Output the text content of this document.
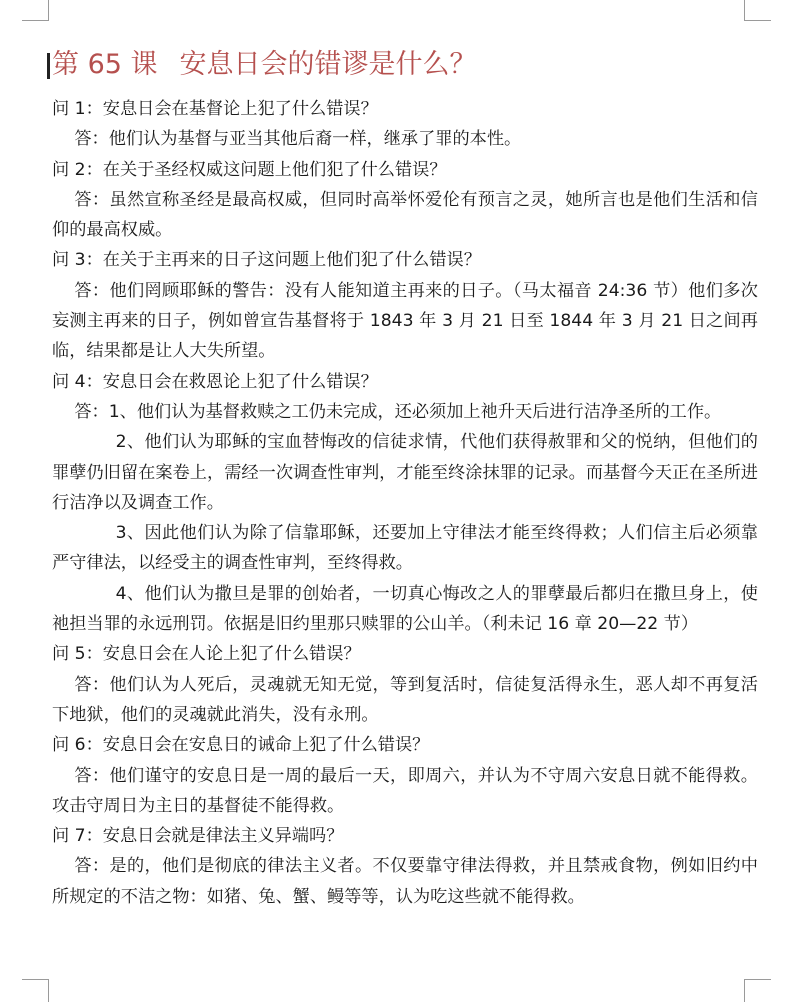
第 65 课 安息日会的错谬是什么？

问 1：安息日会在基督论上犯了什么错误？

答：他们认为基督与亚当其他后裔一样，继承了罪的本性。

问 2：在关于圣经权威这问题上他们犯了什么错误？

答：虽然宣称圣经是最高权威，但同时高举怀爱伦有预言之灵，她所言也是他们生活和信仰的最高权威。

问 3：在关于主再来的日子这问题上他们犯了什么错误？

答：他们罔顾耶稣的警告：没有人能知道主再来的日子。（马太福音 24:36 节）他们多次妄测主再来的日子，例如曾宣告基督将于 1843 年 3 月 21 日至 1844 年 3 月 21 日之间再临，结果都是让人大失所望。

问 4：安息日会在救恩论上犯了什么错误？

答：1、他们认为基督救赎之工仍未完成，还必须加上祂升天后进行洁净圣所的工作。

2、他们认为耶稣的宝血替悔改的信徒求情，代他们获得赦罪和父的悦纳，但他们的罪孽仍旧留在案卷上，需经一次调查性审判，才能至终涂抹罪的记录。而基督今天正在圣所进行洁净以及调查工作。

3、因此他们认为除了信靠耶稣，还要加上守律法才能至终得救；人们信主后必须靠严守律法，以经受主的调查性审判，至终得救。

4、他们认为撒旦是罪的创始者，一切真心悔改之人的罪孽最后都归在撒旦身上，使祂担当罪的永远刑罚。依据是旧约里那只赎罪的公山羊。（利未记 16 章 20—22 节）

问 5：安息日会在人论上犯了什么错误？

答：他们认为人死后，灵魂就无知无觉，等到复活时，信徒复活得永生，恶人却不再复活下地狱，他们的灵魂就此消失，没有永刑。

问 6：安息日会在安息日的诫命上犯了什么错误？

答：他们谨守的安息日是一周的最后一天，即周六，并认为不守周六安息日就不能得救。攻击守周日为主日的基督徒不能得救。

问 7：安息日会就是律法主义异端吗？

答：是的，他们是彻底的律法主义者。不仅要靠守律法得救，并且禁戒食物，例如旧约中所规定的不洁之物：如猪、兔、蟹、鳗等等，认为吃这些就不能得救。
